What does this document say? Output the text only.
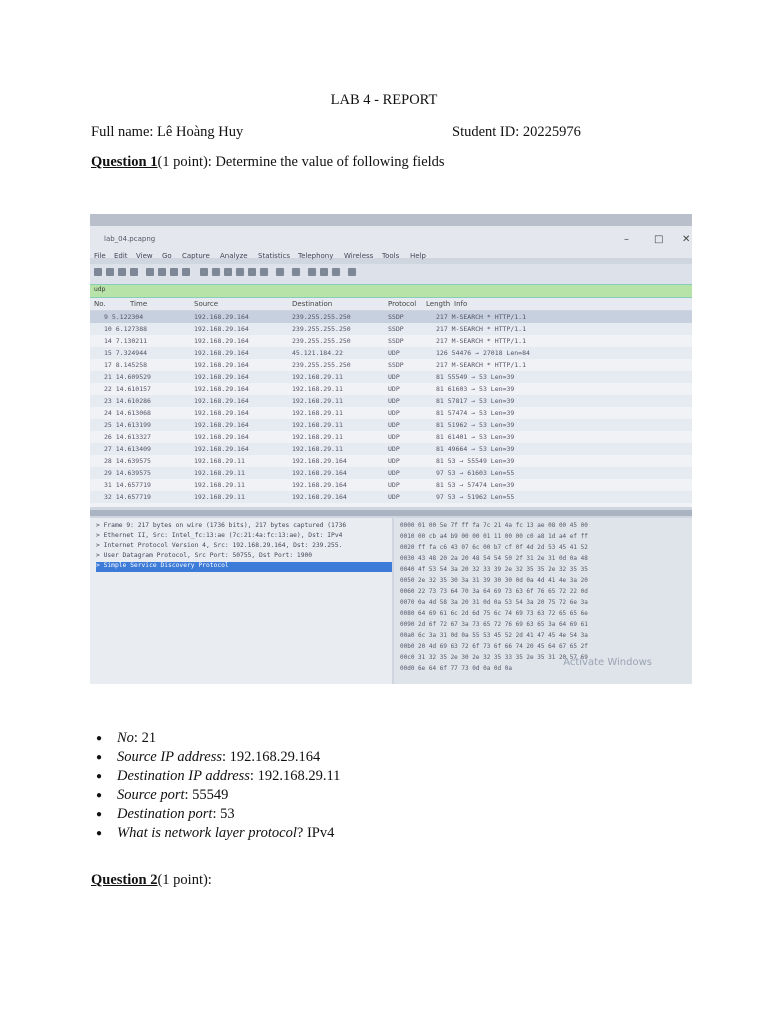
LAB 4 - REPORT
Full name: Lê Hoàng Huy	Student ID: 20225976
Question 1(1 point): Determine the value of following fields
lab_04.pcapng	–	□ ✕
File Edit View Go Capture Analyze Statistics Telephony Wireless Tools Help
udp
No.	Time	Source	Destination	Protocol Length Info
9 5.122304	192.168.29.164	239.255.255.250	SSDP	217 M-SEARCH * HTTP/1.1
10 6.127388	192.168.29.164	239.255.255.250	SSDP	217 M-SEARCH * HTTP/1.1
14 7.130211	192.168.29.164	239.255.255.250	SSDP	217 M-SEARCH * HTTP/1.1
15 7.324944	192.168.29.164	45.121.184.22	UDP	126 54476 → 27018 Len=84
17 8.145258	192.168.29.164	239.255.255.250	SSDP	217 M-SEARCH * HTTP/1.1
21 14.609529	192.168.29.164	192.168.29.11	UDP	81 55549 → 53 Len=39
22 14.610157	192.168.29.164	192.168.29.11	UDP	81 61603 → 53 Len=39
23 14.610286	192.168.29.164	192.168.29.11	UDP	81 57817 → 53 Len=39
24 14.613068	192.168.29.164	192.168.29.11	UDP	81 57474 → 53 Len=39
25 14.613199	192.168.29.164	192.168.29.11	UDP	81 51962 → 53 Len=39
26 14.613327	192.168.29.164	192.168.29.11	UDP	81 61401 → 53 Len=39
27 14.613409	192.168.29.164	192.168.29.11	UDP	81 49664 → 53 Len=39
28 14.639575	192.168.29.11	192.168.29.164	UDP	81 53 → 55549 Len=39
29 14.639575	192.168.29.11	192.168.29.164	UDP	97 53 → 61603 Len=55
31 14.657719	192.168.29.11	192.168.29.164	UDP	81 53 → 57474 Len=39
32 14.657719	192.168.29.11	192.168.29.164	UDP	97 53 → 51962 Len=55
> Frame 9: 217 bytes on wire (1736 bits), 217 bytes captured (1736
> Ethernet II, Src: Intel_fc:13:ae (7c:21:4a:fc:13:ae), Dst: IPv4
> Internet Protocol Version 4, Src: 192.168.29.164, Dst: 239.255.
> User Datagram Protocol, Src Port: 50755, Dst Port: 1900
> Simple Service Discovery Protocol
0000 01 00 5e 7f ff fa 7c 21 4a fc 13 ae 08 00 45 00
0010 00 cb a4 b9 00 00 01 11 00 00 c0 a8 1d a4 ef ff
0020 ff fa c6 43 07 6c 00 b7 cf 0f 4d 2d 53 45 41 52
0030 43 48 20 2a 20 48 54 54 50 2f 31 2e 31 0d 0a 48
0040 4f 53 54 3a 20 32 33 39 2e 32 35 35 2e 32 35 35
0050 2e 32 35 30 3a 31 39 30 30 0d 0a 4d 41 4e 3a 20
0060 22 73 73 64 70 3a 64 69 73 63 6f 76 65 72 22 0d
0070 0a 4d 58 3a 20 31 0d 0a 53 54 3a 20 75 72 6e 3a
0080 64 69 61 6c 2d 6d 75 6c 74 69 73 63 72 65 65 6e
0090 2d 6f 72 67 3a 73 65 72 76 69 63 65 3a 64 69 61
00a0 6c 3a 31 0d 0a 55 53 45 52 2d 41 47 45 4e 54 3a
00b0 20 4d 69 63 72 6f 73 6f 66 74 20 45 64 67 65 2f
00c0 31 32 35 2e 30 2e 32 35 33 35 2e 35 31 20 57 69
00d0 6e 64 6f 77 73 0d 0a 0d 0a
Activate Windows
● No: 21
● Source IP address: 192.168.29.164
● Destination IP address: 192.168.29.11
● Source port: 55549
● Destination port: 53
● What is network layer protocol? IPv4
Question 2(1 point):
